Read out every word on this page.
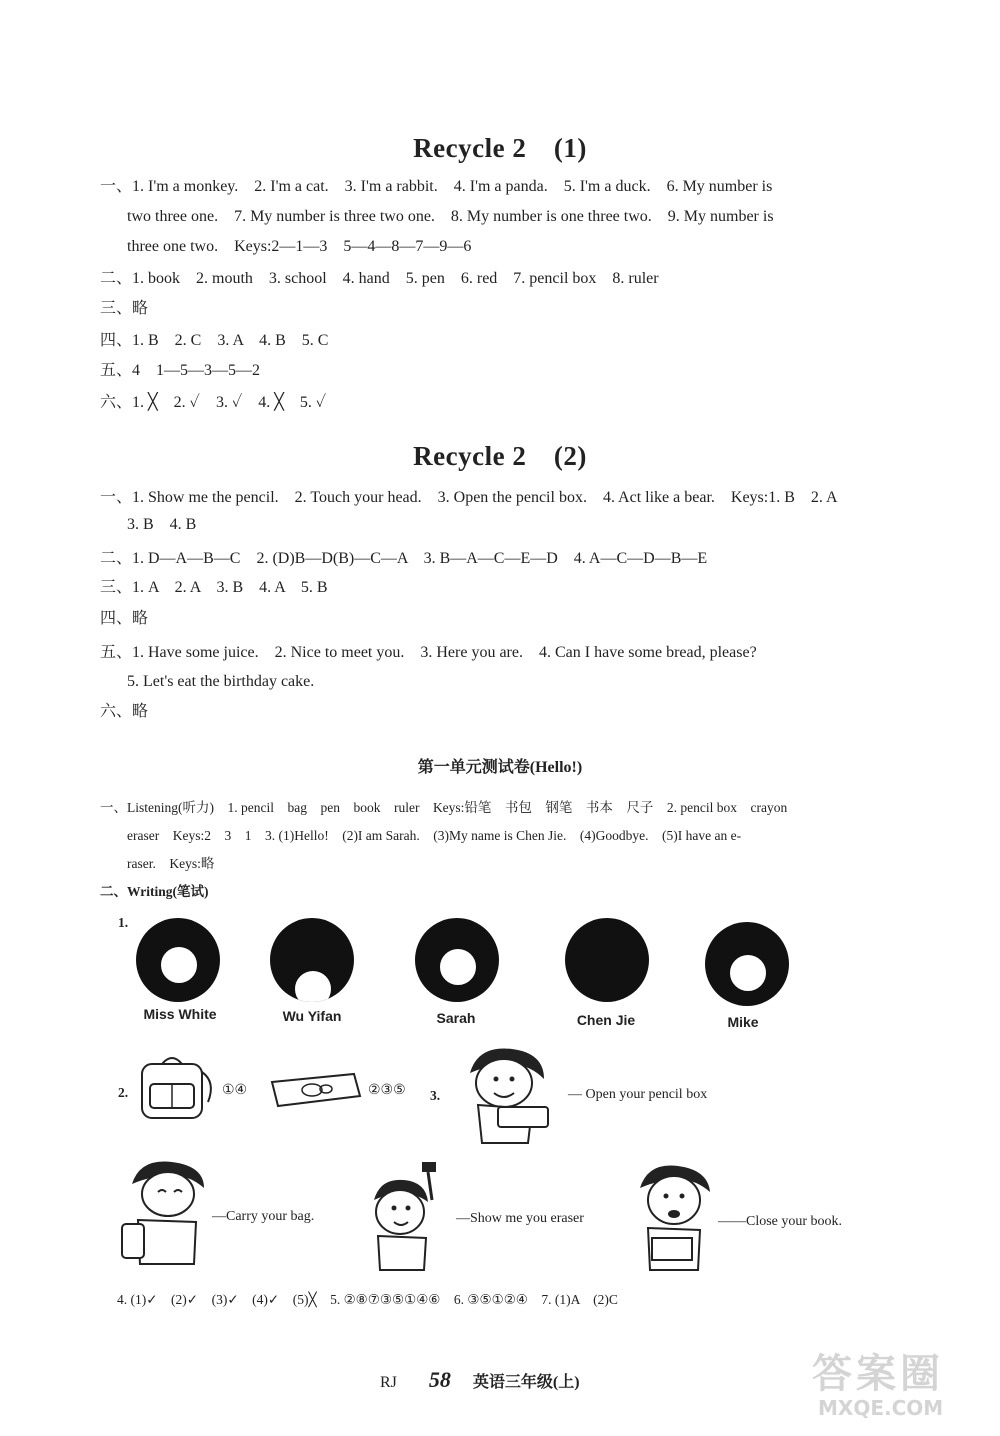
Recycle 2　(1)
一、1. I'm a monkey.　2. I'm a cat.　3. I'm a rabbit.　4. I'm a panda.　5. I'm a duck.　6. My number is
two three one.　7. My number is three two one.　8. My number is one three two.　9. My number is
three one two.　Keys:2—1—3　5—4—8—7—9—6
二、1. book　2. mouth　3. school　4. hand　5. pen　6. red　7. pencil box　8. ruler
三、略
四、1. B　2. C　3. A　4. B　5. C
五、4　1—5—3—5—2
六、1. ╳　2. ✓　3. ✓　4. ╳　5. ✓
Recycle 2　(2)
一、1. Show me the pencil.　2. Touch your head.　3. Open the pencil box.　4. Act like a bear.　Keys:1. B　2. A
3. B　4. B
二、1. D—A—B—C　2. (D)B—D(B)—C—A　3. B—A—C—E—D　4. A—C—D—B—E
三、1. A　2. A　3. B　4. A　5. B
四、略
五、1. Have some juice.　2. Nice to meet you.　3. Here you are.　4. Can I have some bread, please?
5. Let's eat the birthday cake.
六、略
第一单元测试卷(Hello!)
一、Listening(听力)　1. pencil　bag　pen　book　ruler　Keys:铅笔　书包　钢笔　书本　尺子　2. pencil box　crayon
eraser　Keys:2　3　1　3. (1)Hello!　(2)I am Sarah.　(3)My name is Chen Jie.　(4)Goodbye.　(5)I have an e-
raser.　Keys:略
二、Writing(笔试)
1.
Miss White	Wu Yifan	Sarah	Chen Jie	Mike
2.	①④	②③⑤ 3.	— Open your pencil box
—Carry your bag.	—Show me you eraser	——Close your book.
4. (1)✓　(2)✓　(3)✓　(4)✓　(5)╳　5. ②⑧⑦③⑤①④⑥　6. ③⑤①②④　7. (1)A　(2)C
RJ 58 英语三年级(上)	答案圈
MXQE.COM
